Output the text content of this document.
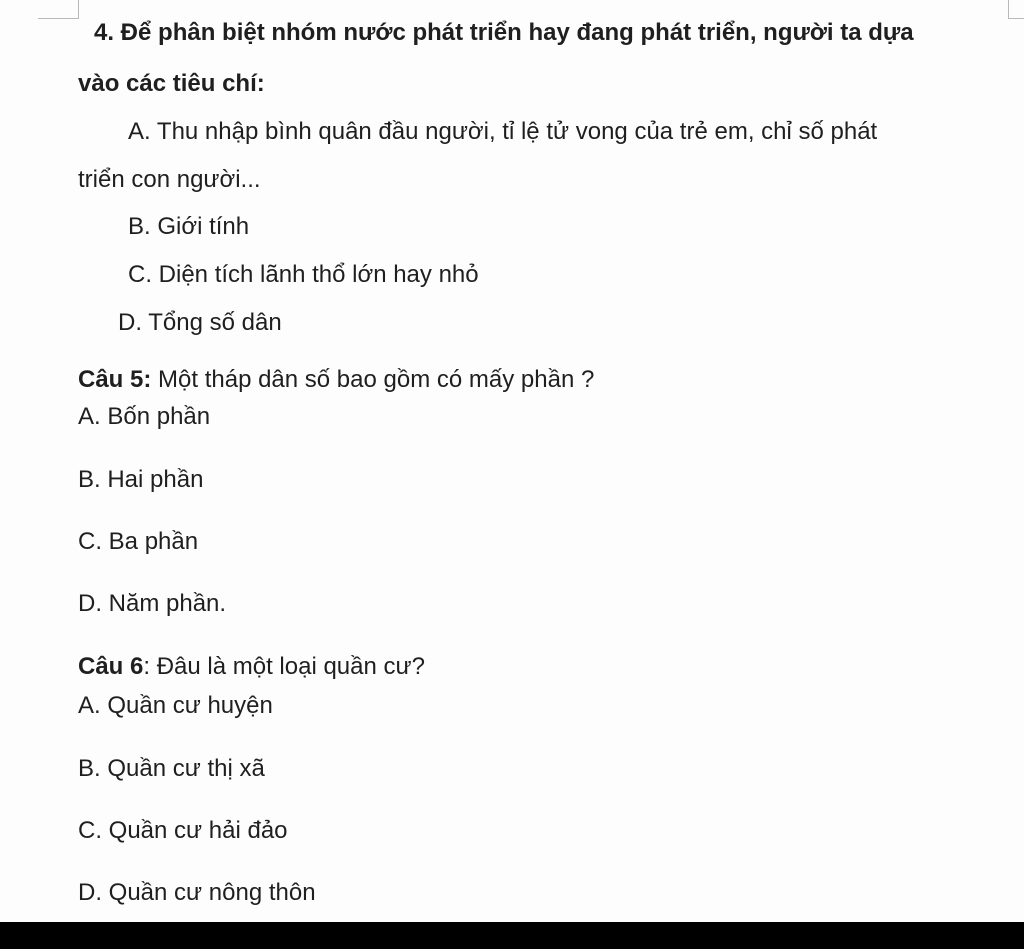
4. Để phân biệt nhóm nước phát triển hay đang phát triển, người ta dựa
vào các tiêu chí:
A. Thu nhập bình quân đầu người, tỉ lệ tử vong của trẻ em, chỉ số phát
triển con người...
B. Giới tính
C. Diện tích lãnh thổ lớn hay nhỏ
D. Tổng số dân
Câu 5: Một tháp dân số bao gồm có mấy phần ?
A. Bốn phần
B. Hai phần
C. Ba phần
D. Năm phần.
Câu 6: Đâu là một loại quần cư?
A. Quần cư huyện
B. Quần cư thị xã
C. Quần cư hải đảo
D. Quần cư nông thôn
